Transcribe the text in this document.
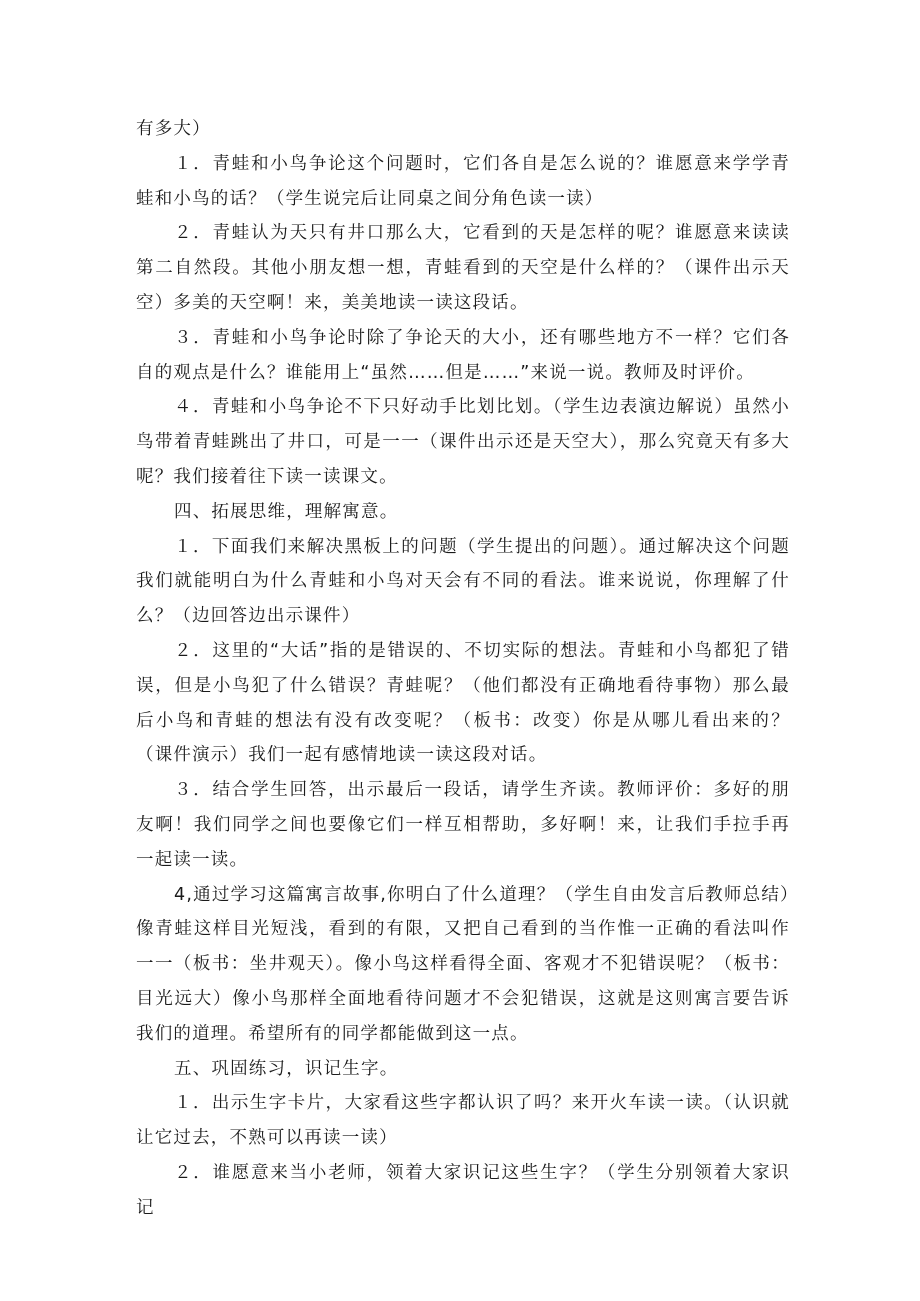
有多大）

１．青蛙和小鸟争论这个问题时，它们各自是怎么说的？谁愿意来学学青蛙和小鸟的话？（学生说完后让同桌之间分角色读一读）

２．青蛙认为天只有井口那么大，它看到的天是怎样的呢？谁愿意来读读第二自然段。其他小朋友想一想，青蛙看到的天空是什么样的？（课件出示天空）多美的天空啊！来，美美地读一读这段话。

３．青蛙和小鸟争论时除了争论天的大小，还有哪些地方不一样？它们各自的观点是什么？谁能用上“虽然……但是……”来说一说。教师及时评价。

４．青蛙和小鸟争论不下只好动手比划比划。（学生边表演边解说）虽然小鸟带着青蛙跳出了井口，可是一一（课件出示还是天空大），那么究竟天有多大呢？我们接着往下读一读课文。

四、拓展思维，理解寓意。

１．下面我们来解决黑板上的问题（学生提出的问题）。通过解决这个问题我们就能明白为什么青蛙和小鸟对天会有不同的看法。谁来说说，你理解了什么？（边回答边出示课件）

２．这里的“大话”指的是错误的、不切实际的想法。青蛙和小鸟都犯了错误，但是小鸟犯了什么错误？青蛙呢？（他们都没有正确地看待事物）那么最后小鸟和青蛙的想法有没有改变呢？（板书：改变）你是从哪儿看出来的？（课件演示）我们一起有感情地读一读这段对话。

３．结合学生回答，出示最后一段话，请学生齐读。教师评价：多好的朋友啊！我们同学之间也要像它们一样互相帮助，多好啊！来，让我们手拉手再一起读一读。

4,通过学习这篇寓言故事,你明白了什么道理？（学生自由发言后教师总结）像青蛙这样目光短浅，看到的有限，又把自己看到的当作惟一正确的看法叫作一一（板书：坐井观天）。像小鸟这样看得全面、客观才不犯错误呢？（板书：目光远大）像小鸟那样全面地看待问题才不会犯错误，这就是这则寓言要告诉我们的道理。希望所有的同学都能做到这一点。

五、巩固练习，识记生字。

１．出示生字卡片，大家看这些字都认识了吗？来开火车读一读。（认识就让它过去，不熟可以再读一读）

２．谁愿意来当小老师，领着大家识记这些生字？（学生分别领着大家识记
